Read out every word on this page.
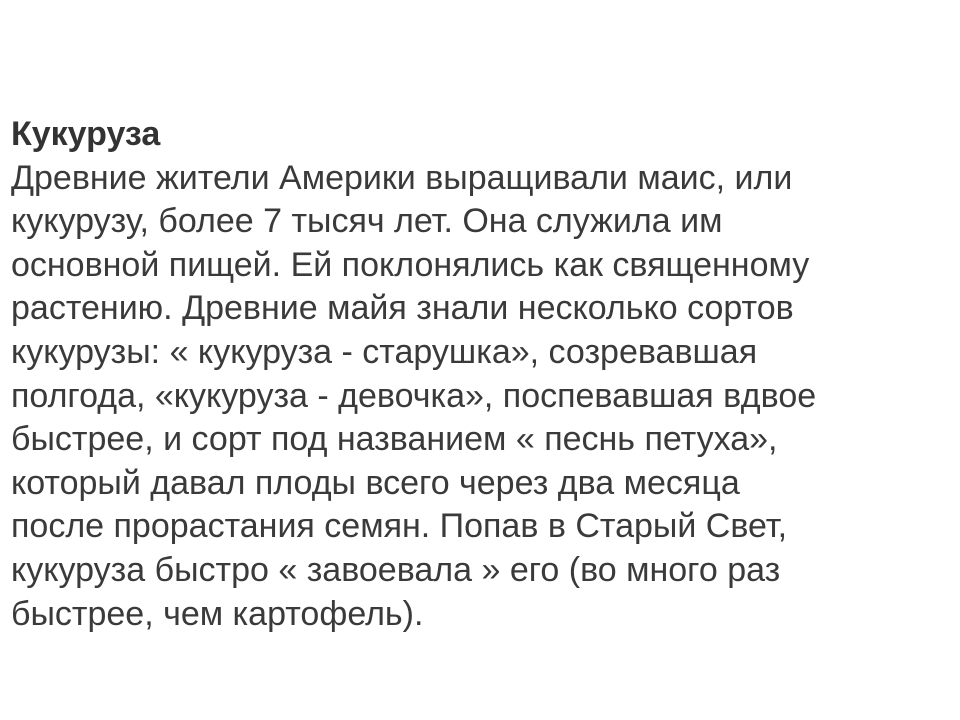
Кукуруза
Древние жители Америки выращивали маис, или
кукурузу, более 7 тысяч лет. Она служила им
основной пищей. Ей поклонялись как священному
растению. Древние майя знали несколько сортов
кукурузы: « кукуруза - старушка», созревавшая
полгода, «кукуруза - девочка», поспевавшая вдвое
быстрее, и сорт под названием « песнь петуха»,
который давал плоды всего через два месяца
после прорастания семян. Попав в Старый Свет,
кукуруза быстро « завоевала » его (во много раз
быстрее, чем картофель).
